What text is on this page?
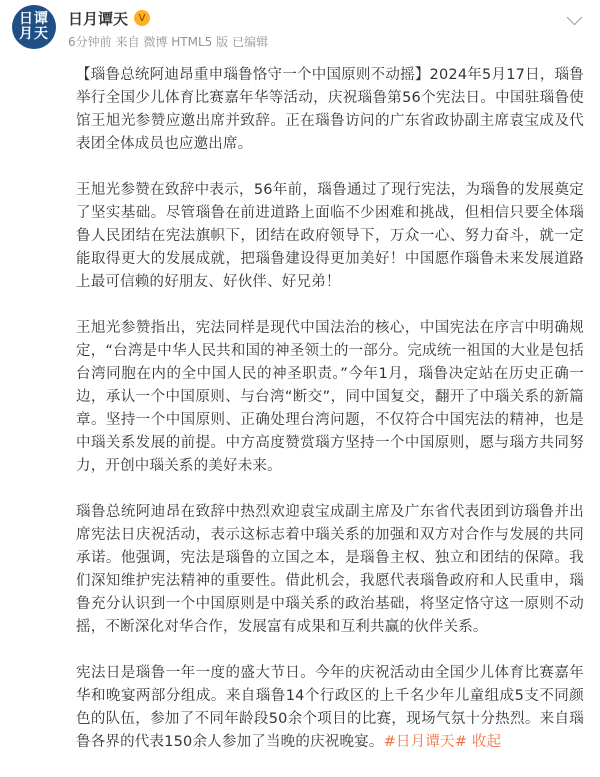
日谭月天
日月谭天	V
6分钟前 来自 微博 HTML5 版 已编辑

【瑙鲁总统阿迪昂重申瑙鲁恪守一个中国原则不动摇】2024年5月17日，瑙鲁举行全国少儿体育比赛嘉年华等活动，庆祝瑙鲁第56个宪法日。中国驻瑙鲁使馆王旭光参赞应邀出席并致辞。正在瑙鲁访问的广东省政协副主席袁宝成及代表团全体成员也应邀出席。

王旭光参赞在致辞中表示，56年前，瑙鲁通过了现行宪法，为瑙鲁的发展奠定了坚实基础。尽管瑙鲁在前进道路上面临不少困难和挑战，但相信只要全体瑙鲁人民团结在宪法旗帜下，团结在政府领导下，万众一心、努力奋斗，就一定能取得更大的发展成就，把瑙鲁建设得更加美好！中国愿作瑙鲁未来发展道路上最可信赖的好朋友、好伙伴、好兄弟！

王旭光参赞指出，宪法同样是现代中国法治的核心，中国宪法在序言中明确规定，“台湾是中华人民共和国的神圣领土的一部分。完成统一祖国的大业是包括台湾同胞在内的全中国人民的神圣职责。”今年1月，瑙鲁决定站在历史正确一边，承认一个中国原则、与台湾“断交”，同中国复交，翻开了中瑙关系的新篇章。坚持一个中国原则、正确处理台湾问题，不仅符合中国宪法的精神，也是中瑙关系发展的前提。中方高度赞赏瑙方坚持一个中国原则，愿与瑙方共同努力，开创中瑙关系的美好未来。

瑙鲁总统阿迪昂在致辞中热烈欢迎袁宝成副主席及广东省代表团到访瑙鲁并出席宪法日庆祝活动，表示这标志着中瑙关系的加强和双方对合作与发展的共同承诺。他强调，宪法是瑙鲁的立国之本，是瑙鲁主权、独立和团结的保障。我们深知维护宪法精神的重要性。借此机会，我愿代表瑙鲁政府和人民重申，瑙鲁充分认识到一个中国原则是中瑙关系的政治基础，将坚定恪守这一原则不动摇，不断深化对华合作，发展富有成果和互利共赢的伙伴关系。

宪法日是瑙鲁一年一度的盛大节日。今年的庆祝活动由全国少儿体育比赛嘉年华和晚宴两部分组成。来自瑙鲁14个行政区的上千名少年儿童组成5支不同颜色的队伍，参加了不同年龄段50余个项目的比赛，现场气氛十分热烈。来自瑙鲁各界的代表150余人参加了当晚的庆祝晚宴。#日月谭天# 收起
